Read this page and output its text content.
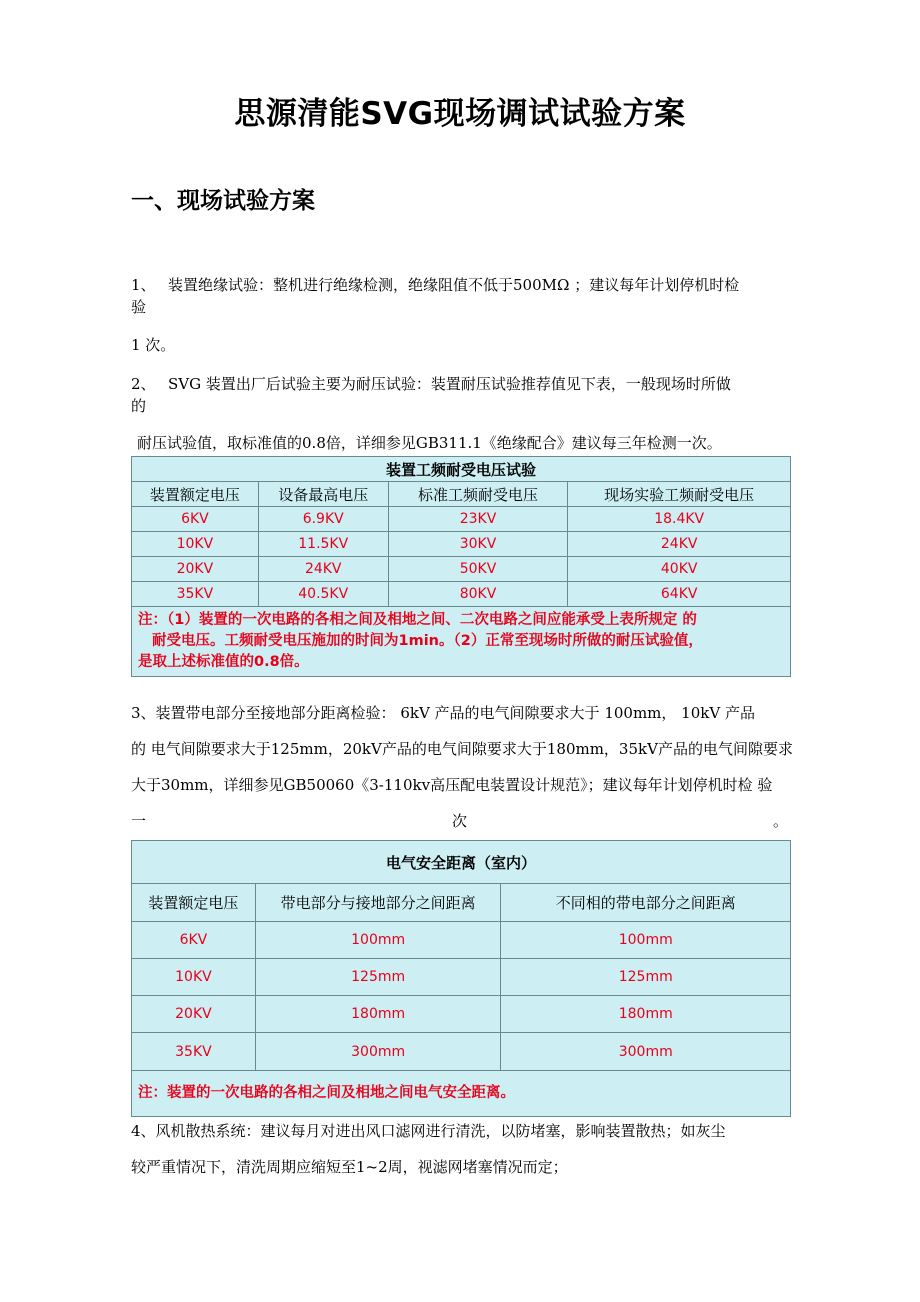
思源清能SVG现场调试试验方案
一、现场试验方案
1、 装置绝缘试验：整机进行绝缘检测，绝缘阻值不低于500MΩ ；建议每年计划停机时检
验
1 次。
2、 SVG 装置出厂后试验主要为耐压试验：装置耐压试验推荐值见下表，一般现场时所做
的
耐压试验值，取标准值的0.8倍，详细参见GB311.1《绝缘配合》建议每三年检测一次。
装置工频耐受电压试验			
装置额定电压	设备最高电压	标准工频耐受电压	现场实验工频耐受电压
6KV	6.9KV	23KV	18.4KV
10KV	11.5KV	30KV	24KV
20KV	24KV	50KV	40KV
35KV	40.5KV	80KV	64KV

注：（1）装置的一次电路的各相之间及相地之间、二次电路之间应能承受上表所规定 的
耐受电压。工频耐受电压施加的时间为1min。（2）正常至现场时所做的耐压试验值，
是取上述标准值的0.8倍。			
3、装置带电部分至接地部分距离检验： 6kV 产品的电气间隙要求大于 100mm， 10kV 产品
的 电气间隙要求大于125mm，20kV产品的电气间隙要求大于180mm，35kV产品的电气间隙要求
大于30mm，详细参见GB50060《3-110kv高压配电装置设计规范》；建议每年计划停机时检 验
一	次	。
电气安全距离（室内）		
装置额定电压	带电部分与接地部分之间距离	不同相的带电部分之间距离
6KV	100mm	100mm
10KV	125mm	125mm
20KV	180mm	180mm
35KV	300mm	300mm
注：装置的一次电路的各相之间及相地之间电气安全距离。		
4、风机散热系统：建议每月对进出风口滤网进行清洗，以防堵塞，影响装置散热；如灰尘
较严重情况下，清洗周期应缩短至1~2周，视滤网堵塞情况而定；
